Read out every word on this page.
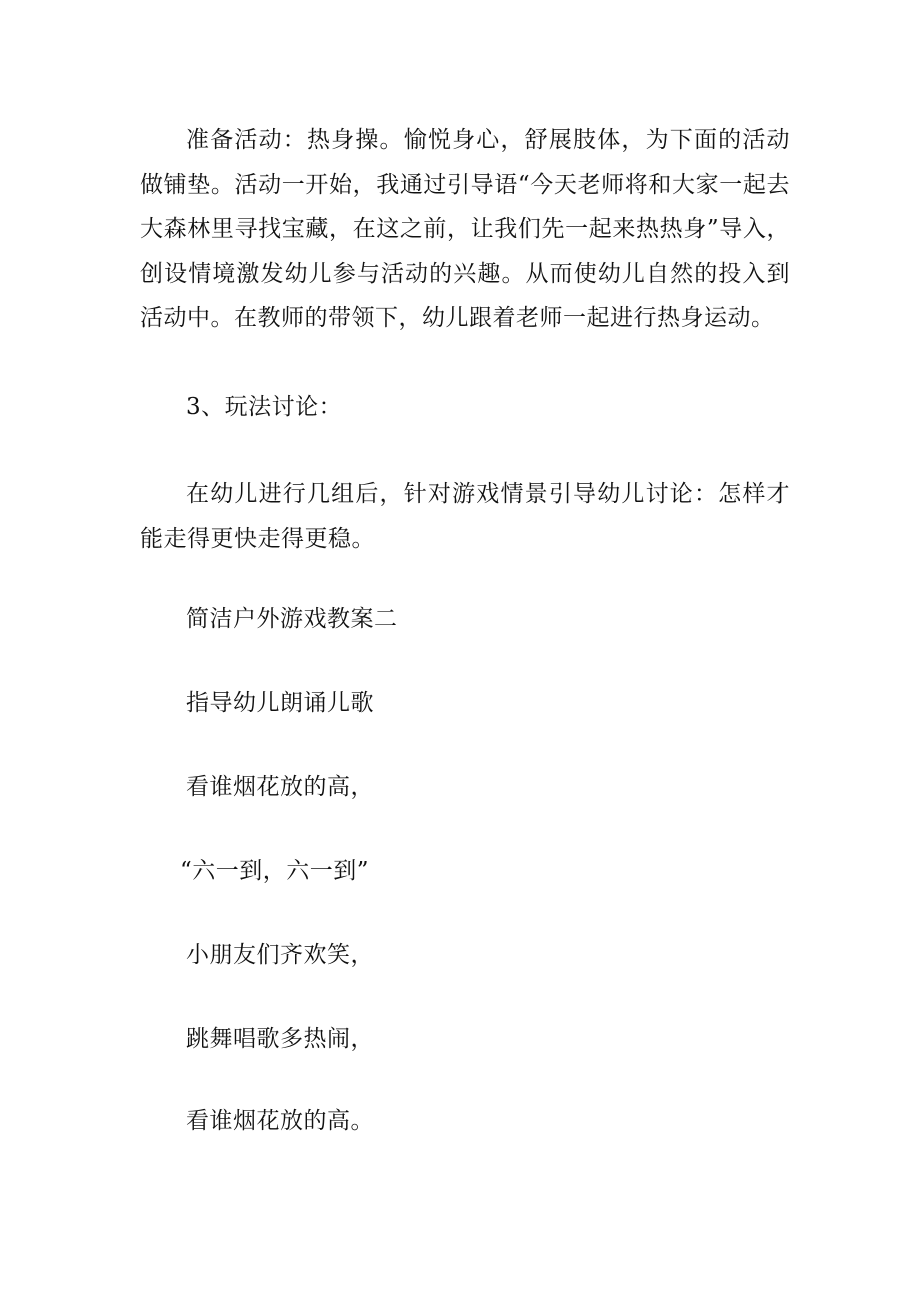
准备活动：热身操。愉悦身心，舒展肢体，为下面的活动做铺垫。活动一开始，我通过引导语“今天老师将和大家一起去大森林里寻找宝藏，在这之前，让我们先一起来热热身”导入，创设情境激发幼儿参与活动的兴趣。从而使幼儿自然的投入到活动中。在教师的带领下，幼儿跟着老师一起进行热身运动。

3、玩法讨论：

在幼儿进行几组后，针对游戏情景引导幼儿讨论：怎样才能走得更快走得更稳。

简洁户外游戏教案二

指导幼儿朗诵儿歌

看谁烟花放的高，

“六一到，六一到”

小朋友们齐欢笑，

跳舞唱歌多热闹，

看谁烟花放的高。
